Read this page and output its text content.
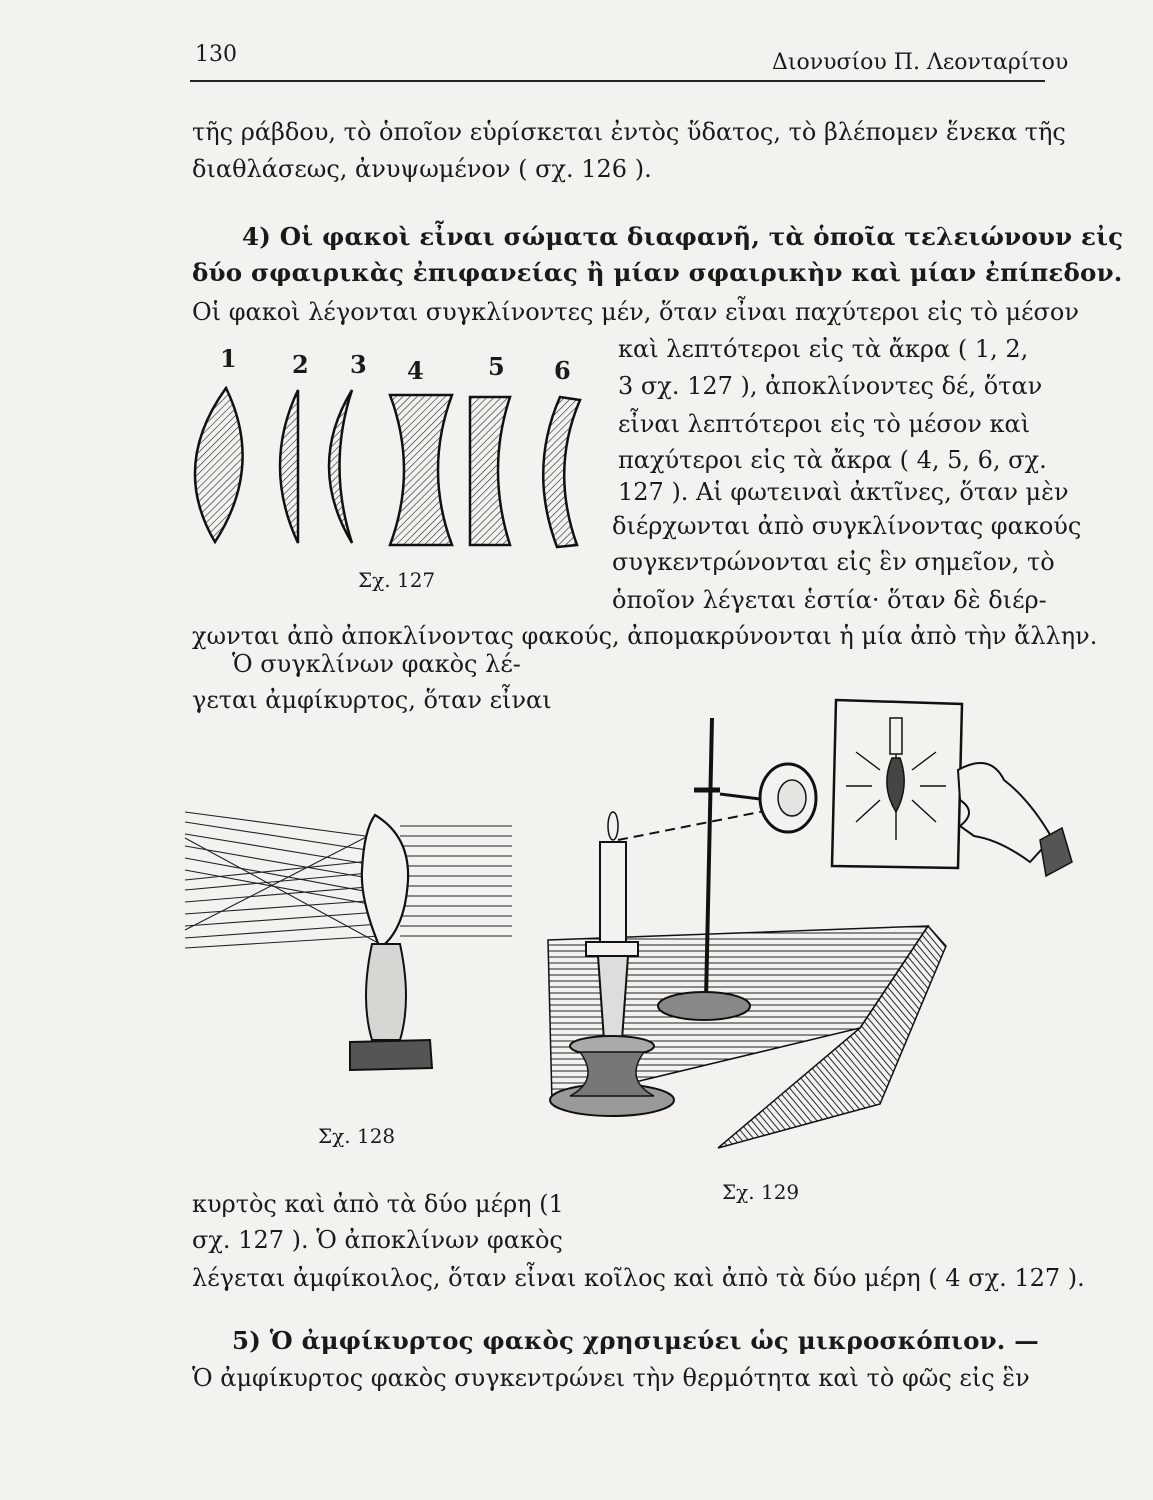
130	Διονυσίου Π. Λεονταρίτου
τῆς ράβδου, τὸ ὁποῖον εὑρίσκεται ἐντὸς ὕδατος, τὸ βλέπομεν ἕνεκα τῆς
διαθλάσεως, ἀνυψωμένον ( σχ. 126 ).
4) Οἱ φακοὶ εἶναι σώματα διαφανῆ, τὰ ὁποῖα τελειώνουν εἰς
δύο σφαιρικὰς ἐπιφανείας ἢ μίαν σφαιρικὴν καὶ μίαν ἐπίπεδον.
Οἱ φακοὶ λέγονται συγκλίνοντες μέν, ὅταν εἶναι παχύτεροι εἰς τὸ μέσον
καὶ λεπτότεροι εἰς τὰ ἄκρα ( 1, 2,
3 σχ. 127 ), ἀποκλίνοντες δέ, ὅταν
εἶναι λεπτότεροι εἰς τὸ μέσον καὶ
παχύτεροι εἰς τὰ ἄκρα ( 4, 5, 6, σχ.
127 ). Αἱ φωτειναὶ ἀκτῖνες, ὅταν μὲν
διέρχωνται ἀπὸ συγκλίνοντας φακούς
συγκεντρώνονται εἰς ἓν σημεῖον, τὸ
ὁποῖον λέγεται ἑστία· ὅταν δὲ διέρ-
χωνται ἀπὸ ἀποκλίνοντας φακούς, ἀπομακρύνονται ἡ μία ἀπὸ τὴν ἄλλην.
Ὁ συγκλίνων φακὸς λέ-
γεται ἀμφίκυρτος, ὅταν εἶναι
1 2 3 4	5 6
Σχ. 127
Σχ. 128
Σχ. 129
κυρτὸς καὶ ἀπὸ τὰ δύο μέρη (1
σχ. 127 ). Ὁ ἀποκλίνων φακὸς
λέγεται ἀμφίκοιλος, ὅταν εἶναι κοῖλος καὶ ἀπὸ τὰ δύο μέρη ( 4 σχ. 127 ).
5) Ὁ ἀμφίκυρτος φακὸς χρησιμεύει ὡς μικροσκόπιον. —
Ὁ ἀμφίκυρτος φακὸς συγκεντρώνει τὴν θερμότητα καὶ τὸ φῶς εἰς ἓν
